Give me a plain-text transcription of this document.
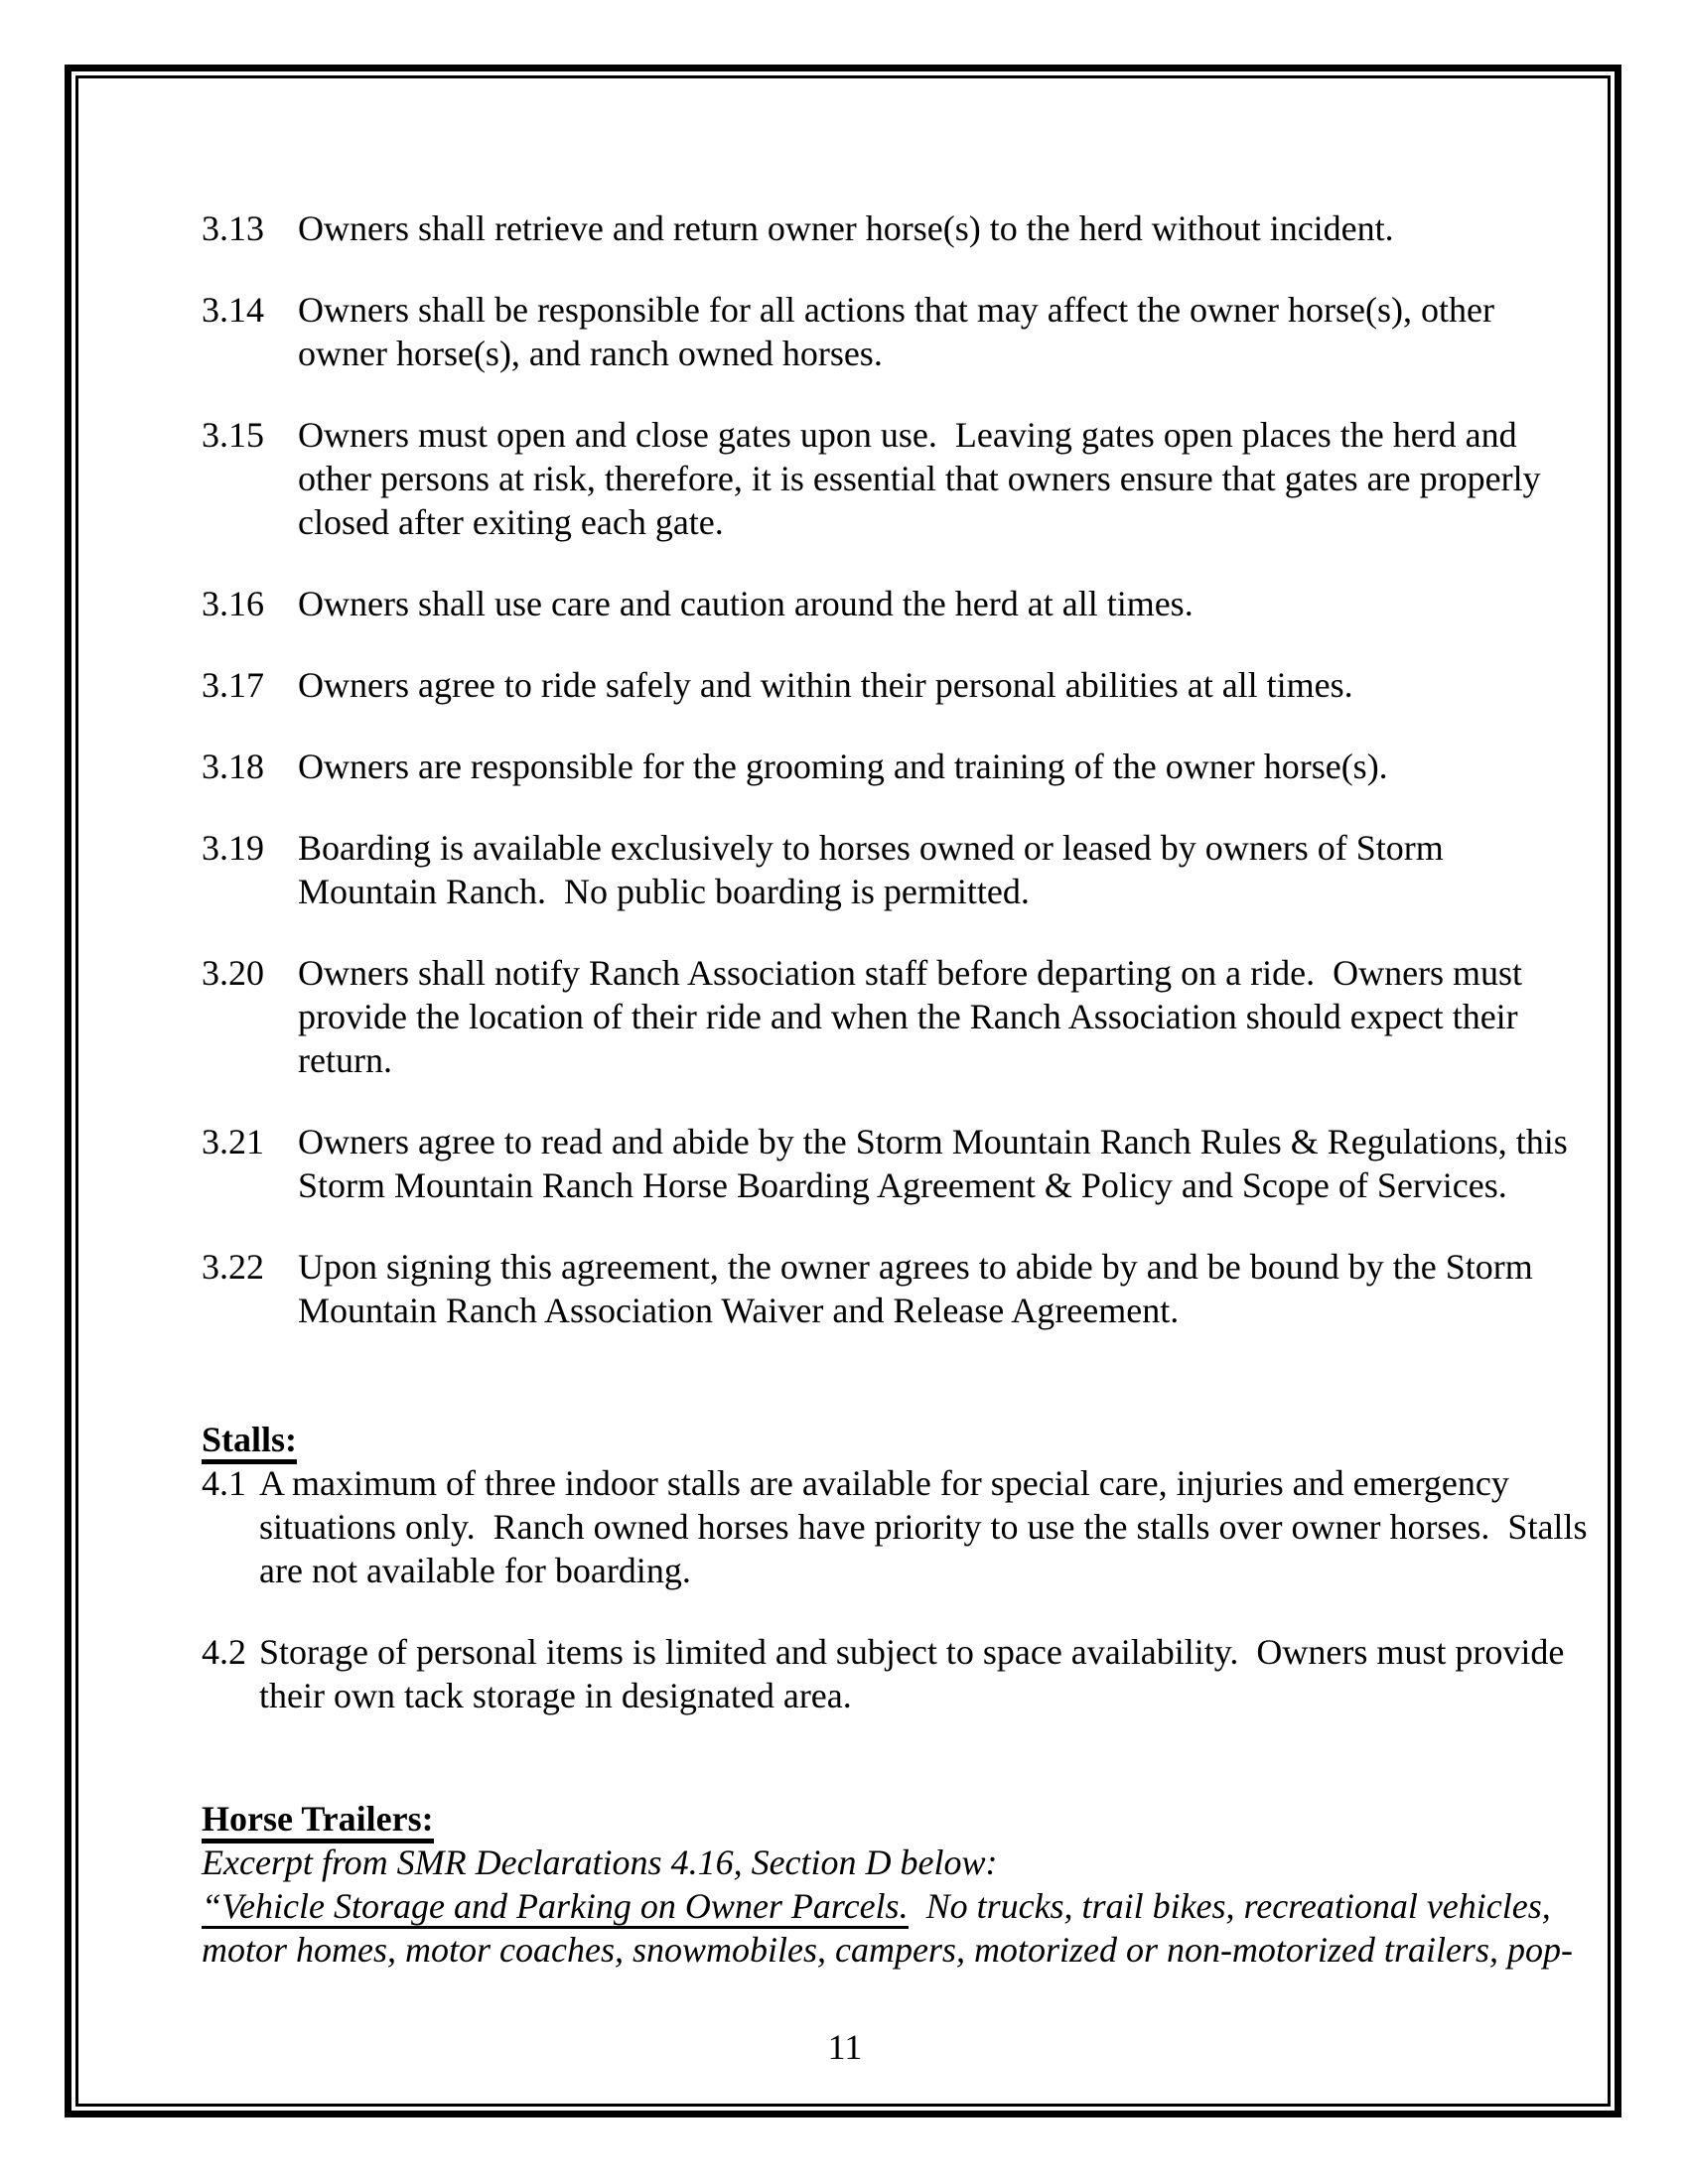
3.13 Owners shall retrieve and return owner horse(s) to the herd without incident.
3.14 Owners shall be responsible for all actions that may affect the owner horse(s), other
owner horse(s), and ranch owned horses.
3.15 Owners must open and close gates upon use.  Leaving gates open places the herd and
other persons at risk, therefore, it is essential that owners ensure that gates are properly
closed after exiting each gate.
3.16 Owners shall use care and caution around the herd at all times.
3.17 Owners agree to ride safely and within their personal abilities at all times.
3.18 Owners are responsible for the grooming and training of the owner horse(s).
3.19 Boarding is available exclusively to horses owned or leased by owners of Storm
Mountain Ranch.  No public boarding is permitted.
3.20 Owners shall notify Ranch Association staff before departing on a ride.  Owners must
provide the location of their ride and when the Ranch Association should expect their
return.
3.21 Owners agree to read and abide by the Storm Mountain Ranch Rules & Regulations, this
Storm Mountain Ranch Horse Boarding Agreement & Policy and Scope of Services.
3.22 Upon signing this agreement, the owner agrees to abide by and be bound by the Storm
Mountain Ranch Association Waiver and Release Agreement.
Stalls:
4.1 A maximum of three indoor stalls are available for special care, injuries and emergency
situations only.  Ranch owned horses have priority to use the stalls over owner horses.  Stalls
are not available for boarding.
4.2 Storage of personal items is limited and subject to space availability.  Owners must provide
their own tack storage in designated area.
Horse Trailers:
Excerpt from SMR Declarations 4.16, Section D below:
“Vehicle Storage and Parking on Owner Parcels.  No trucks, trail bikes, recreational vehicles,
motor homes, motor coaches, snowmobiles, campers, motorized or non-motorized trailers, pop-
11
